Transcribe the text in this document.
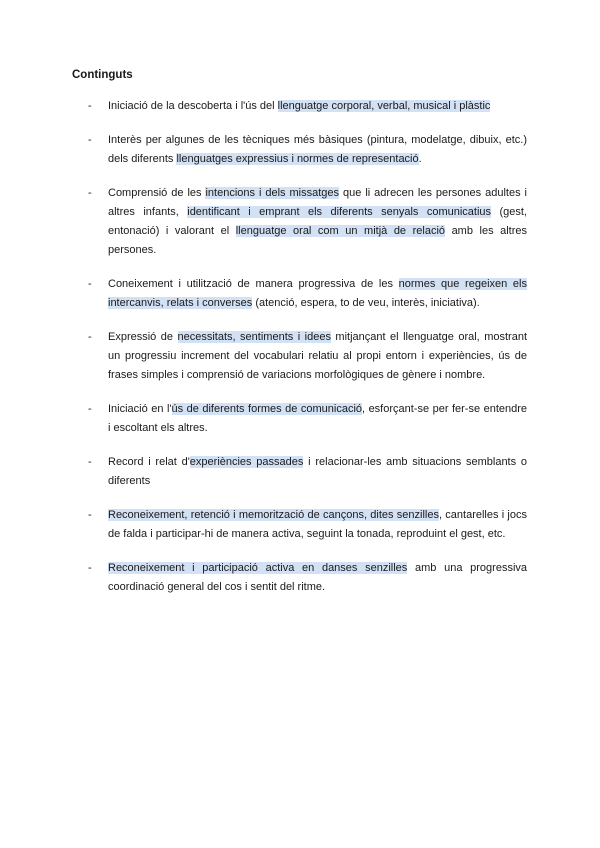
Continguts
- Iniciació de la descoberta i l'ús del llenguatge corporal, verbal, musical i plàstic
- Interès per algunes de les tècniques més bàsiques (pintura, modelatge, dibuix, etc.) dels diferents llenguatges expressius i normes de representació.
- Comprensió de les intencions i dels missatges que li adrecen les persones adultes i altres infants, identificant i emprant els diferents senyals comunicatius (gest, entonació) i valorant el llenguatge oral com un mitjà de relació amb les altres persones.
- Coneixement i utilització de manera progressiva de les normes que regeixen els intercanvis, relats i converses (atenció, espera, to de veu, interès, iniciativa).
- Expressió de necessitats, sentiments i idees mitjançant el llenguatge oral, mostrant un progressiu increment del vocabulari relatiu al propi entorn i experiències, ús de frases simples i comprensió de variacions morfològiques de gènere i nombre.
- Iniciació en l'ús de diferents formes de comunicació, esforçant-se per fer-se entendre i escoltant els altres.
- Record i relat d'experiències passades i relacionar-les amb situacions semblants o diferents
- Reconeixement, retenció i memorització de cançons, dites senzilles, cantarelles i jocs de falda i participar-hi de manera activa, seguint la tonada, reproduint el gest, etc.
- Reconeixement i participació activa en danses senzilles amb una progressiva coordinació general del cos i sentit del ritme.
